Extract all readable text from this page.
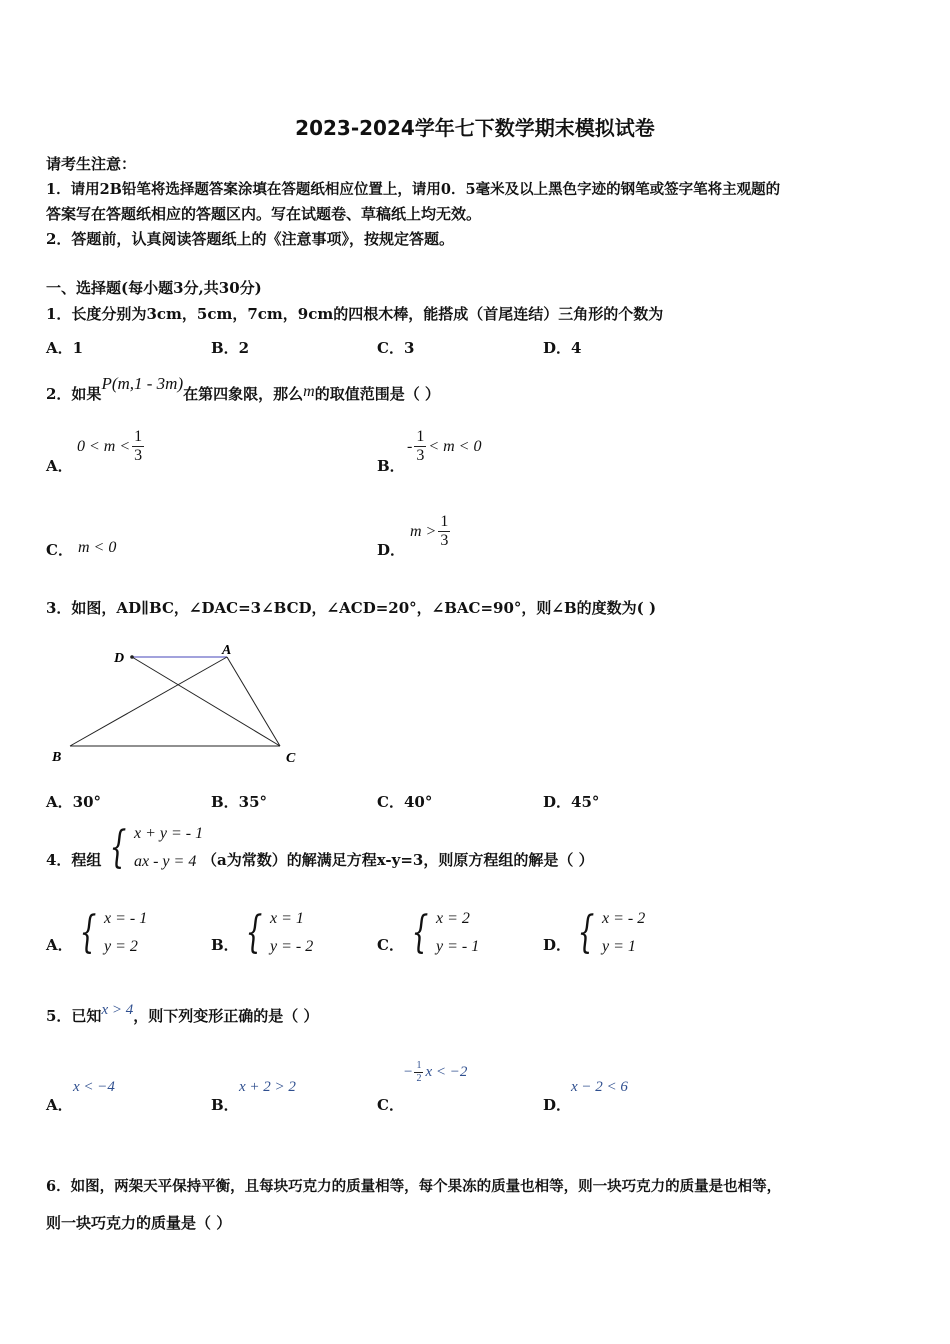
2023-2024学年七下数学期末模拟试卷
请考生注意：
1．请用2B铅笔将选择题答案涂填在答题纸相应位置上，请用0．5毫米及以上黑色字迹的钢笔或签字笔将主观题的
答案写在答题纸相应的答题区内。写在试题卷、草稿纸上均无效。
2．答题前，认真阅读答题纸上的《注意事项》，按规定答题。
一、选择题(每小题3分,共30分)
1．长度分别为3cm，5cm，7cm，9cm的四根木棒，能搭成（首尾连结）三角形的个数为
A．1	B．2	C．3	D．4
2．如果P(m,1 - 3m)在第四象限，那么m的取值范围是（ ）
A．
$0 < m < \frac{1}{3}$
B．
- $\frac{1}{3} < m < 0$
C． m < 0	D．
$m > \frac{1}{3}$
3．如图，AD∥BC，∠DAC=3∠BCD，∠ACD=20°，∠BAC=90°，则∠B的度数为( )
D
A
B	C
A．30°	B．35°	C．40°	D．45°
4．程组 { x + y = - 1
ax - y = 4 （a为常数）的解满足方程x-y=3，则原方程组的解是（ ）
A． { x = - 1
y = 2	B． { x = 1
y = - 2	C． { x = 2
y = - 1	D． { x = - 2
y = 1
5．已知x > 4，则下列变形正确的是（ ）
A．
x < −4
B．
x + 2 > 2
C．
− $\frac{1}{2}$ x < −2
D．
x − 2 < 6
6．如图，两架天平保持平衡，且每块巧克力的质量相等，每个果冻的质量也相等，则一块巧克力的质量是也相等，
则一块巧克力的质量是（ ）
